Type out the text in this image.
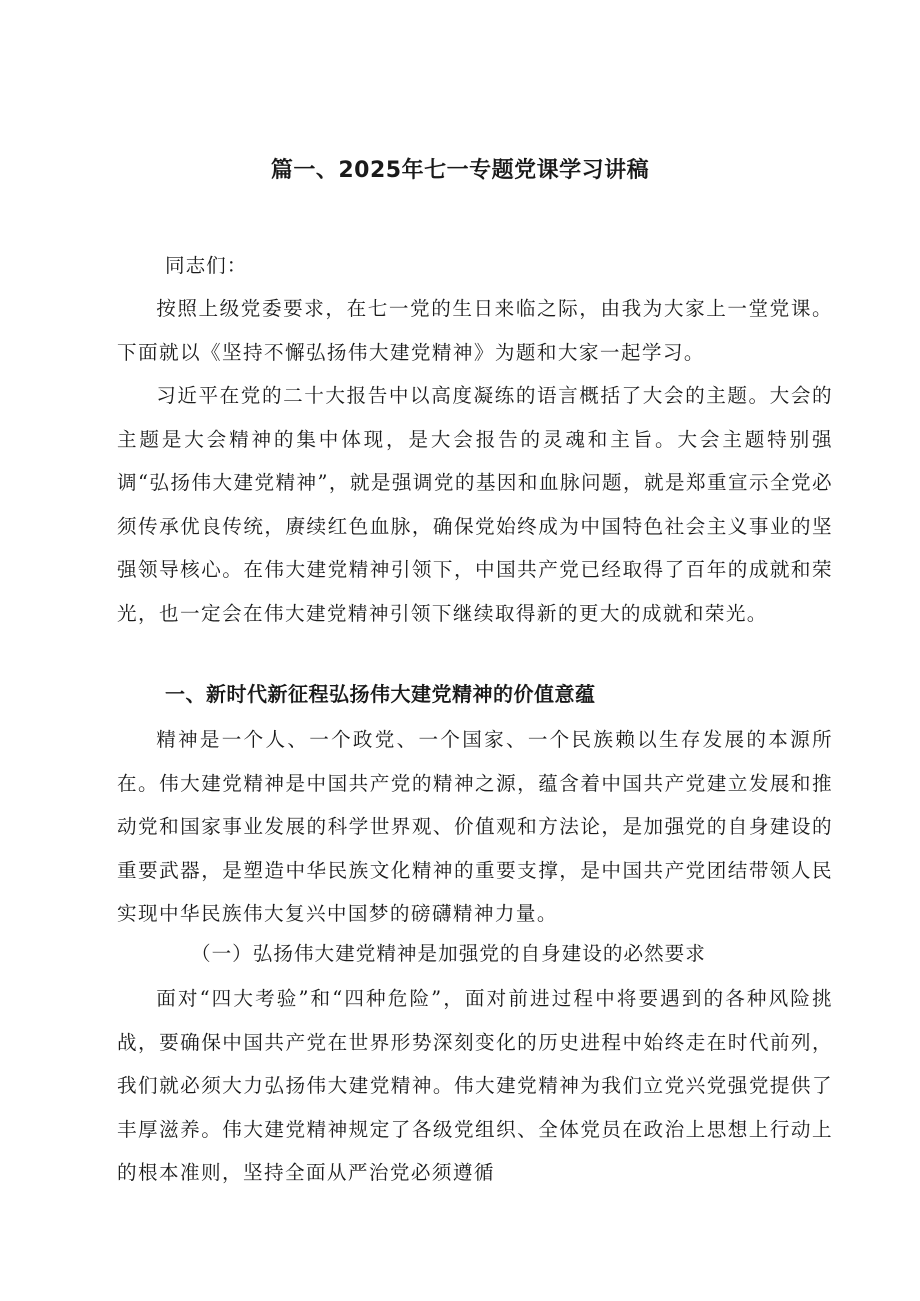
篇一、2025年七一专题党课学习讲稿
同志们：

按照上级党委要求，在七一党的生日来临之际，由我为大家上一堂党课。下面就以《坚持不懈弘扬伟大建党精神》为题和大家一起学习。

习近平在党的二十大报告中以高度凝练的语言概括了大会的主题。大会的主题是大会精神的集中体现，是大会报告的灵魂和主旨。大会主题特别强调“弘扬伟大建党精神”，就是强调党的基因和血脉问题，就是郑重宣示全党必须传承优良传统，赓续红色血脉，确保党始终成为中国特色社会主义事业的坚强领导核心。在伟大建党精神引领下，中国共产党已经取得了百年的成就和荣光，也一定会在伟大建党精神引领下继续取得新的更大的成就和荣光。

一、新时代新征程弘扬伟大建党精神的价值意蕴

精神是一个人、一个政党、一个国家、一个民族赖以生存发展的本源所在。伟大建党精神是中国共产党的精神之源，蕴含着中国共产党建立发展和推动党和国家事业发展的科学世界观、价值观和方法论，是加强党的自身建设的重要武器，是塑造中华民族文化精神的重要支撑，是中国共产党团结带领人民实现中华民族伟大复兴中国梦的磅礴精神力量。

（一）弘扬伟大建党精神是加强党的自身建设的必然要求

面对“四大考验”和“四种危险”，面对前进过程中将要遇到的各种风险挑战，要确保中国共产党在世界形势深刻变化的历史进程中始终走在时代前列，我们就必须大力弘扬伟大建党精神。伟大建党精神为我们立党兴党强党提供了丰厚滋养。伟大建党精神规定了各级党组织、全体党员在政治上思想上行动上的根本准则，坚持全面从严治党必须遵循
